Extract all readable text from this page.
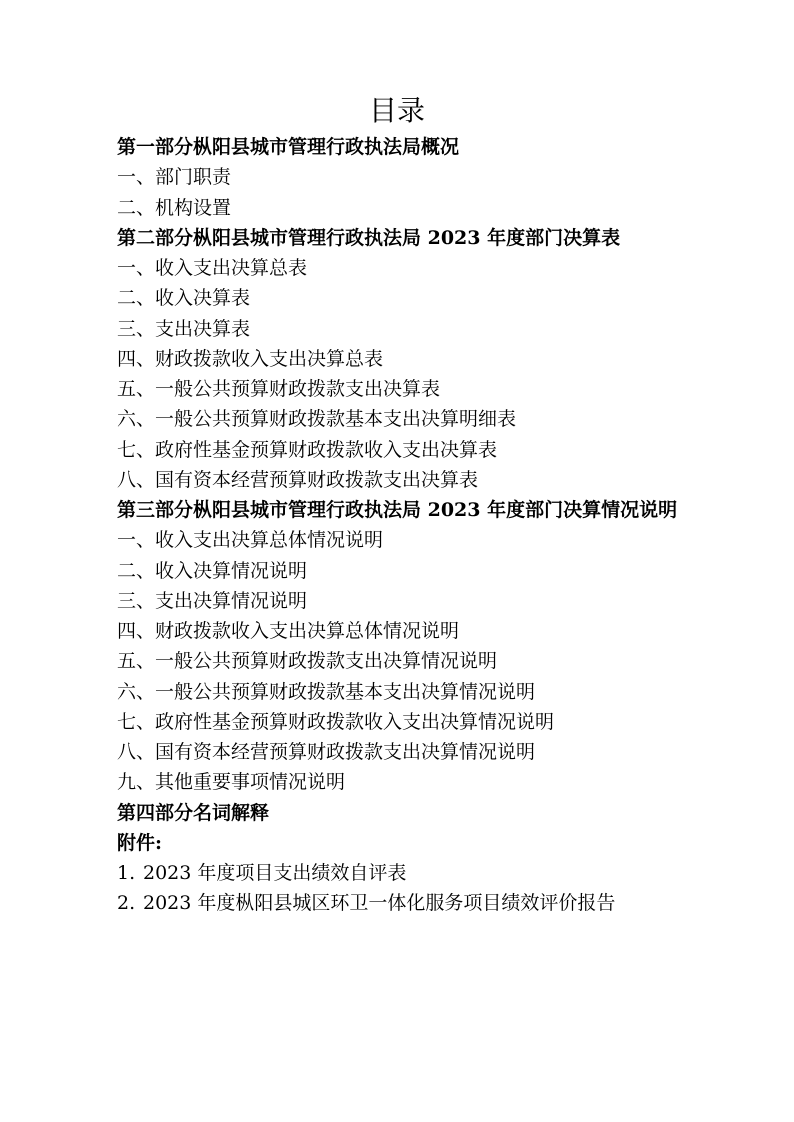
目录
第一部分枞阳县城市管理行政执法局概况
一、部门职责
二、机构设置
第二部分枞阳县城市管理行政执法局 2023 年度部门决算表
一、收入支出决算总表
二、收入决算表
三、支出决算表
四、财政拨款收入支出决算总表
五、一般公共预算财政拨款支出决算表
六、一般公共预算财政拨款基本支出决算明细表
七、政府性基金预算财政拨款收入支出决算表
八、国有资本经营预算财政拨款支出决算表
第三部分枞阳县城市管理行政执法局 2023 年度部门决算情况说明
一、收入支出决算总体情况说明
二、收入决算情况说明
三、支出决算情况说明
四、财政拨款收入支出决算总体情况说明
五、一般公共预算财政拨款支出决算情况说明
六、一般公共预算财政拨款基本支出决算情况说明
七、政府性基金预算财政拨款收入支出决算情况说明
八、国有资本经营预算财政拨款支出决算情况说明
九、其他重要事项情况说明
第四部分名词解释
附件:
1. 2023 年度项目支出绩效自评表
2. 2023 年度枞阳县城区环卫一体化服务项目绩效评价报告
